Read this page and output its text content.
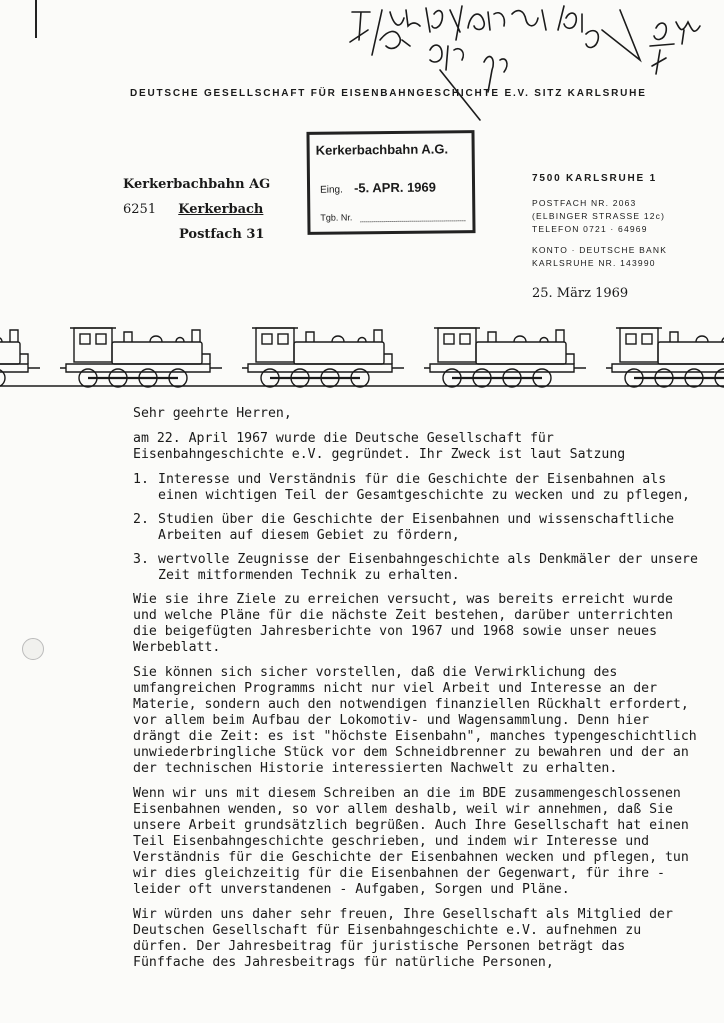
DEUTSCHE GESELLSCHAFT FÜR EISENBAHNGESCHICHTE E.V. SITZ KARLSRUHE
Kerkerbachbahn A.G.
Eing. -5. APR. 1969
Tgb. Nr.
Kerkerbachbahn AG
6251 Kerkerbach
Postfach 31
7500 KARLSRUHE 1
POSTFACH NR. 2063
(ELBINGER STRASSE 12c)
TELEFON 0721 · 64969
KONTO · DEUTSCHE BANK
KARLSRUHE NR. 143990
25. März 1969

Sehr geehrte Herren,

am 22. April 1967 wurde die Deutsche Gesellschaft für Eisenbahngeschichte e.V. gegründet. Ihr Zweck ist laut Satzung

1. Interesse und Verständnis für die Geschichte der Eisenbahnen als einen wichtigen Teil der Gesamtgeschichte zu wecken und zu pflegen,
2. Studien über die Geschichte der Eisenbahnen und wissenschaftliche Arbeiten auf diesem Gebiet zu fördern,
3. wertvolle Zeugnisse der Eisenbahngeschichte als Denkmäler der unsere Zeit mitformenden Technik zu erhalten.

Wie sie ihre Ziele zu erreichen versucht, was bereits erreicht wurde und welche Pläne für die nächste Zeit bestehen, darüber unterrichten die beigefügten Jahresberichte von 1967 und 1968 sowie unser neues Werbeblatt.

Sie können sich sicher vorstellen, daß die Verwirklichung des umfangreichen Programms nicht nur viel Arbeit und Interesse an der Materie, sondern auch den notwendigen finanziellen Rückhalt erfordert, vor allem beim Aufbau der Lokomotiv- und Wagensammlung. Denn hier drängt die Zeit: es ist "höchste Eisenbahn", manches typengeschichtlich unwiederbringliche Stück vor dem Schneidbrenner zu bewahren und der an der technischen Historie interessierten Nachwelt zu erhalten.

Wenn wir uns mit diesem Schreiben an die im BDE zusammengeschlossenen Eisenbahnen wenden, so vor allem deshalb, weil wir annehmen, daß Sie unsere Arbeit grundsätzlich begrüßen. Auch Ihre Gesellschaft hat einen Teil Eisenbahngeschichte geschrieben, und indem wir Interesse und Verständnis für die Geschichte der Eisenbahnen wecken und pflegen, tun wir dies gleichzeitig für die Eisenbahnen der Gegenwart, für ihre - leider oft unverstandenen - Aufgaben, Sorgen und Pläne.

Wir würden uns daher sehr freuen, Ihre Gesellschaft als Mitglied der Deutschen Gesellschaft für Eisenbahngeschichte e.V. aufnehmen zu dürfen. Der Jahresbeitrag für juristische Personen beträgt das Fünffache des Jahresbeitrags für natürliche Personen,
